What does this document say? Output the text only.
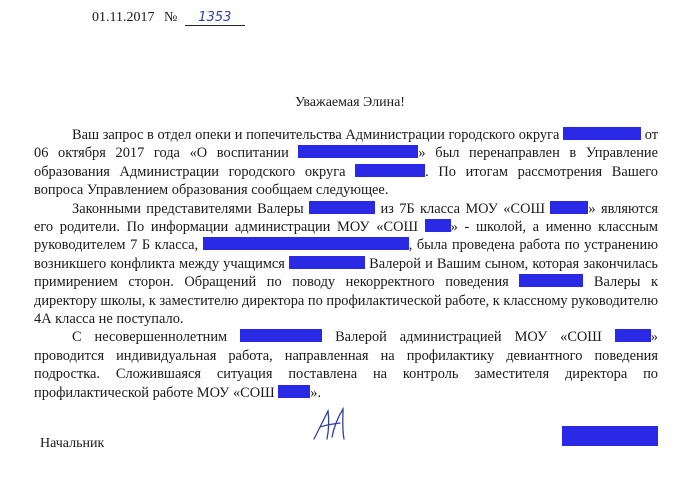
01.11.2017 № 1353
Уважаемая Элина!

Ваш запрос в отдел опеки и попечительства Администрации городского округа	от 06 октября 2017 года «О воспитании	» был перенаправлен в Управление образования Администрации городского округа	. По итогам рассмотрения Вашего вопроса Управлением образования сообщаем следующее.

Законными представителями Валеры	из 7Б класса МОУ «СОШ	» являются его родители. По информации администрации МОУ «СОШ » - школой, а именно классным руководителем 7 Б класса,	, была проведена работа по устранению возникшего конфликта между учащимся	Валерой и Вашим сыном, которая закончилась примирением сторон. Обращений по поводу некорректного поведения	Валеры к директору школы, к заместителю директора по профилактической работе, к классному руководителю 4А класса не поступало.

С несовершеннолетним	Валерой администрацией МОУ «СОШ	» проводится индивидуальная работа, направленная на профилактику девиантного поведения подростка. Сложившаяся ситуация поставлена на контроль заместителя директора по профилактической работе МОУ «СОШ ».

Начальник
